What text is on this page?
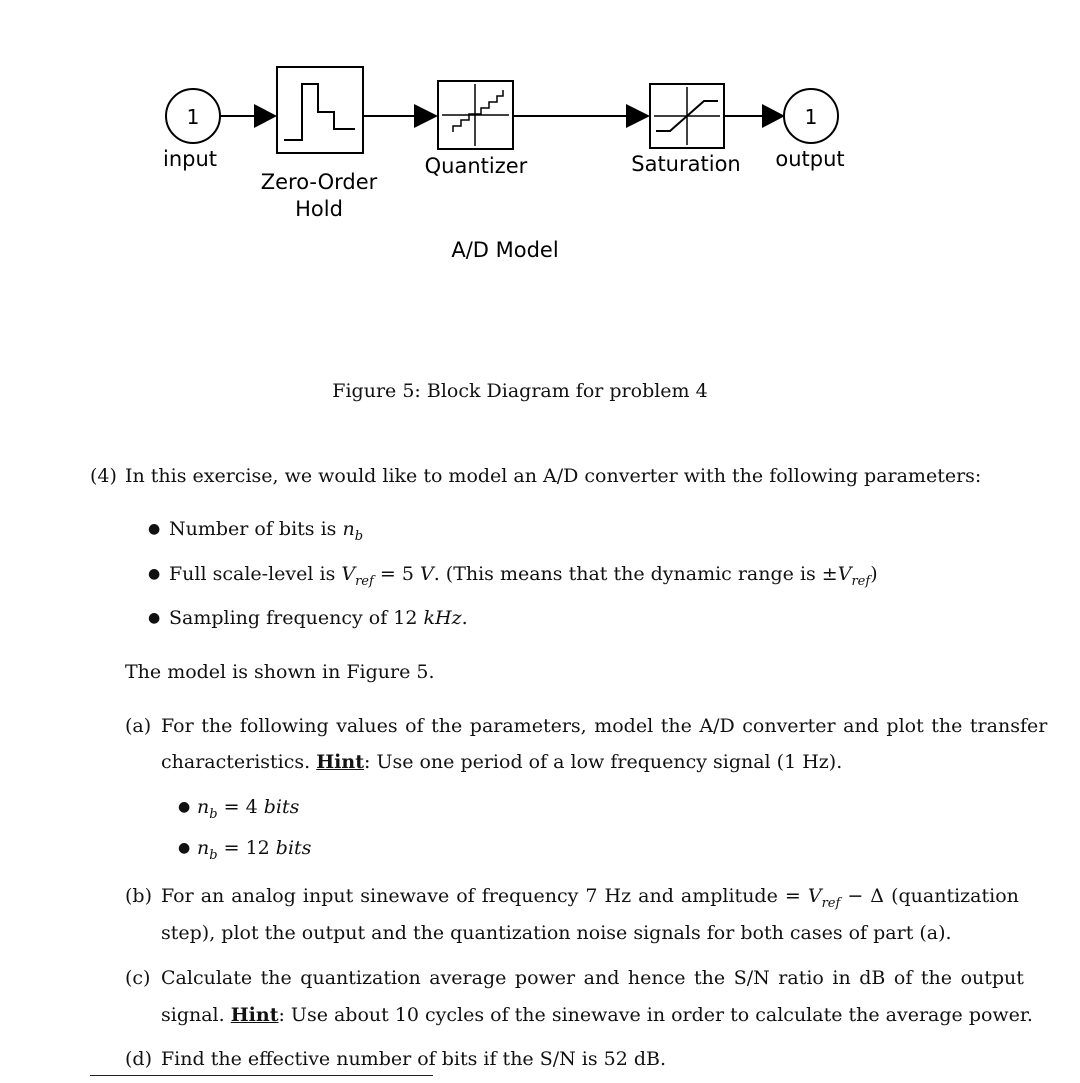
1	1
input
Zero-Order
Hold
Quantizer	Saturation output
A/D Model
Figure 5: Block Diagram for problem 4
(4) In this exercise, we would like to model an A/D converter with the following parameters:
● Number of bits is $n_b$
● Full scale-level is $V_{ref} = 5$ V. (This means that the dynamic range is $\pm V_{ref}$)
● Sampling frequency of 12 kHz.
The model is shown in Figure 5.
(a) For the following values of the parameters, model the A/D converter and plot the transfer
characteristics. Hint: Use one period of a low frequency signal (1 Hz).
● $n_b = 4$ bits
● $n_b = 12$ bits
(b) For an analog input sinewave of frequency 7 Hz and amplitude = $V_{ref} - \Delta$ (quantization
step), plot the output and the quantization noise signals for both cases of part (a).
(c) Calculate the quantization average power and hence the S/N ratio in dB of the output
signal. Hint: Use about 10 cycles of the sinewave in order to calculate the average power.
(d) Find the effective number of bits if the S/N is 52 dB.
